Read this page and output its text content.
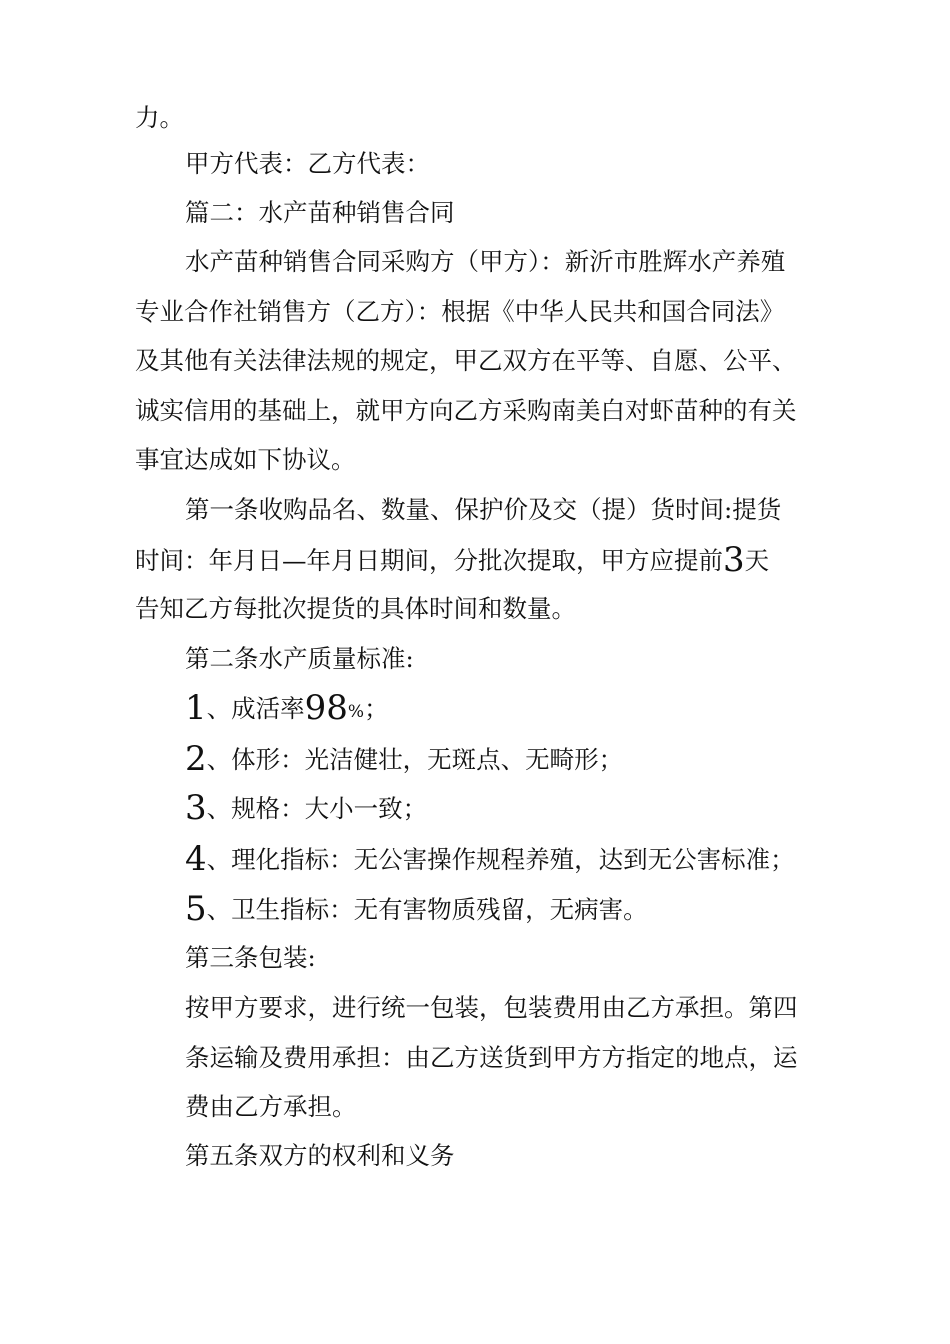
力。
甲方代表：乙方代表：
篇二：水产苗种销售合同
水产苗种销售合同采购方（甲方）：新沂市胜辉水产养殖
专业合作社销售方（乙方）：根据《中华人民共和国合同法》
及其他有关法律法规的规定，甲乙双方在平等、自愿、公平、
诚实信用的基础上，就甲方向乙方采购南美白对虾苗种的有关
事宜达成如下协议。
第一条收购品名、数量、保护价及交（提）货时间:提货
时间：年月日—年月日期间，分批次提取，甲方应提前3天
告知乙方每批次提货的具体时间和数量。
第二条水产质量标准:
1、成活率98%；
2、体形：光洁健壮，无斑点、无畸形；
3、规格：大小一致；
4、理化指标：无公害操作规程养殖，达到无公害标准；
5、卫生指标：无有害物质残留，无病害。
第三条包装:
按甲方要求，进行统一包装，包装费用由乙方承担。第四
条运输及费用承担：由乙方送货到甲方方指定的地点，运
费由乙方承担。
第五条双方的权利和义务
